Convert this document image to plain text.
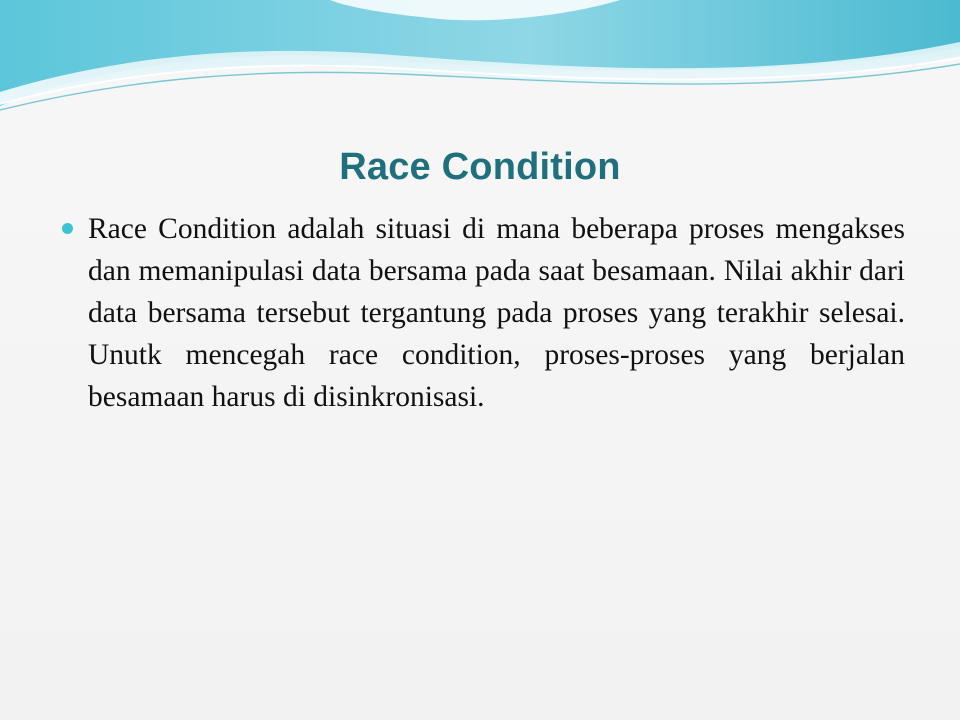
Race Condition

Race Condition adalah situasi di mana beberapa proses mengakses dan memanipulasi data bersama pada saat besamaan. Nilai akhir dari data bersama tersebut tergantung pada proses yang terakhir selesai. Unutk mencegah race condition, proses-proses yang berjalan besamaan harus di disinkronisasi.
